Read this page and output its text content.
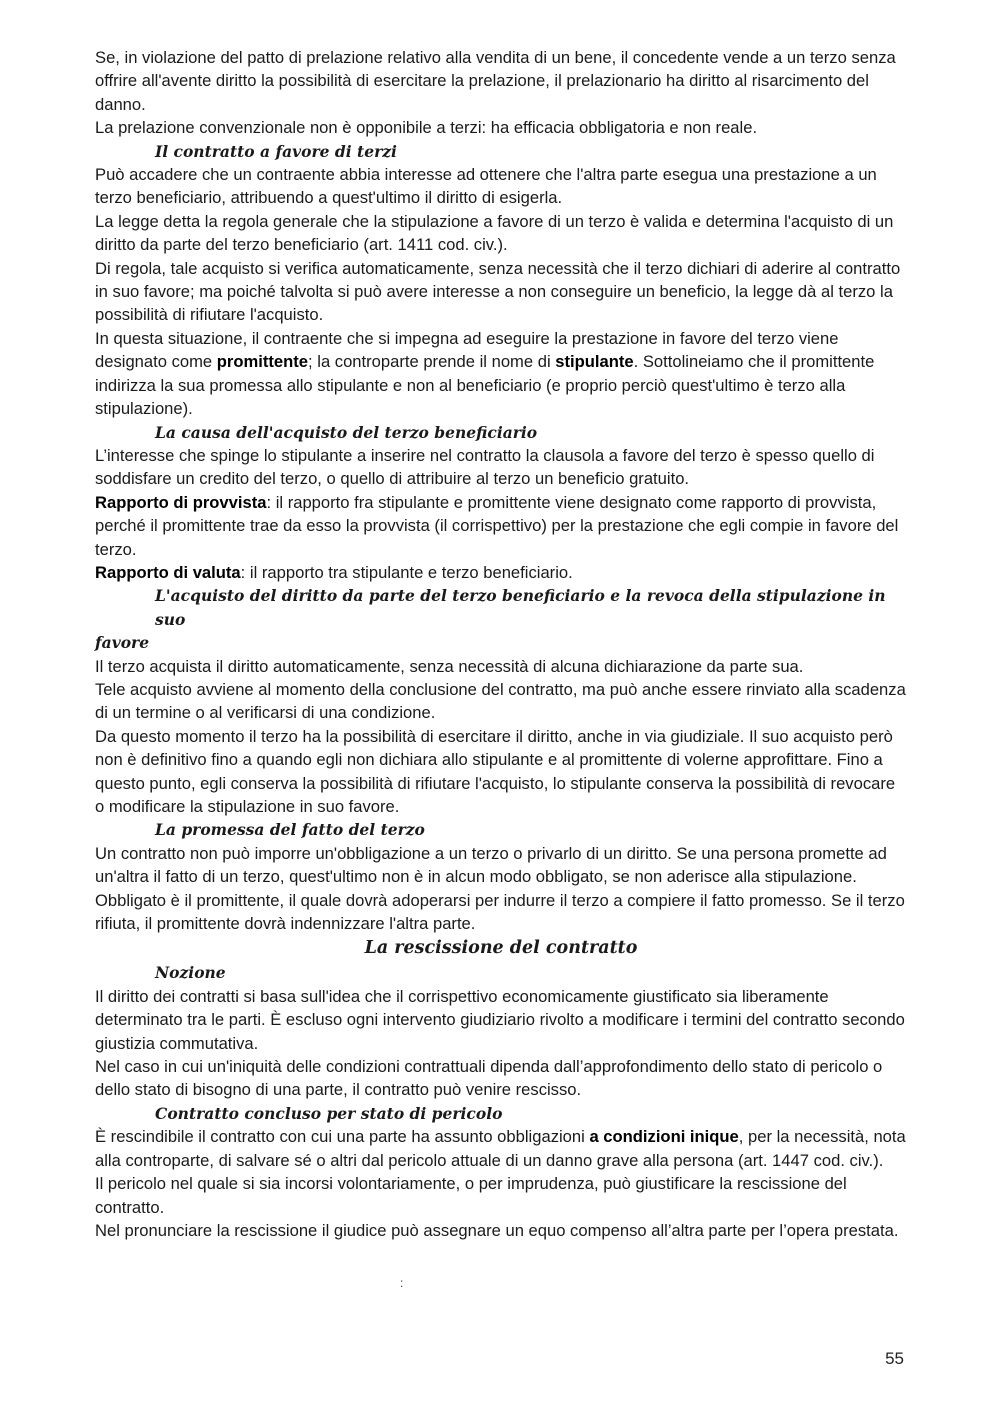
Se, in violazione del patto di prelazione relativo alla vendita di un bene, il concedente vende a un terzo senza offrire all'avente diritto la possibilità di esercitare la prelazione, il prelazionario ha diritto al risarcimento del danno.

La prelazione convenzionale non è opponibile a terzi: ha efficacia obbligatoria e non reale.

Il contratto a favore di terzi

Può accadere che un contraente abbia interesse ad ottenere che l'altra parte esegua una prestazione a un terzo beneficiario, attribuendo a quest'ultimo il diritto di esigerla.

La legge detta la regola generale che la stipulazione a favore di un terzo è valida e determina l'acquisto di un diritto da parte del terzo beneficiario (art. 1411 cod. civ.).

Di regola, tale acquisto si verifica automaticamente, senza necessità che il terzo dichiari di aderire al contratto in suo favore; ma poiché talvolta si può avere interesse a non conseguire un beneficio, la legge dà al terzo la possibilità di rifiutare l'acquisto.

In questa situazione, il contraente che si impegna ad eseguire la prestazione in favore del terzo viene designato come promittente; la controparte prende il nome di stipulante. Sottolineiamo che il promittente indirizza la sua promessa allo stipulante e non al beneficiario (e proprio perciò quest'ultimo è terzo alla stipulazione).

La causa dell'acquisto del terzo beneficiario

L’interesse che spinge lo stipulante a inserire nel contratto la clausola a favore del terzo è spesso quello di soddisfare un credito del terzo, o quello di attribuire al terzo un beneficio gratuito.

Rapporto di provvista: il rapporto fra stipulante e promittente viene designato come rapporto di provvista, perché il promittente trae da esso la provvista (il corrispettivo) per la prestazione che egli compie in favore del terzo.

Rapporto di valuta: il rapporto tra stipulante e terzo beneficiario.

L'acquisto del diritto da parte del terzo beneficiario e la revoca della stipulazione in suo

favore

Il terzo acquista il diritto automaticamente, senza necessità di alcuna dichiarazione da parte sua.

Tele acquisto avviene al momento della conclusione del contratto, ma può anche essere rinviato alla scadenza di un termine o al verificarsi di una condizione.

Da questo momento il terzo ha la possibilità di esercitare il diritto, anche in via giudiziale. Il suo acquisto però non è definitivo fino a quando egli non dichiara allo stipulante e al promittente di volerne approfittare. Fino a questo punto, egli conserva la possibilità di rifiutare l'acquisto, lo stipulante conserva la possibilità di revocare o modificare la stipulazione in suo favore.

La promessa del fatto del terzo

Un contratto non può imporre un'obbligazione a un terzo o privarlo di un diritto. Se una persona promette ad un'altra il fatto di un terzo, quest'ultimo non è in alcun modo obbligato, se non aderisce alla stipulazione. Obbligato è il promittente, il quale dovrà adoperarsi per indurre il terzo a compiere il fatto promesso. Se il terzo rifiuta, il promittente dovrà indennizzare l'altra parte.

La rescissione del contratto

Nozione

Il diritto dei contratti si basa sull'idea che il corrispettivo economicamente giustificato sia liberamente determinato tra le parti. È escluso ogni intervento giudiziario rivolto a modificare i termini del contratto secondo giustizia commutativa.

Nel caso in cui un'iniquità delle condizioni contrattuali dipenda dall’approfondimento dello stato di pericolo o dello stato di bisogno di una parte, il contratto può venire rescisso.

Contratto concluso per stato di pericolo

È rescindibile il contratto con cui una parte ha assunto obbligazioni a condizioni inique, per la necessità, nota alla controparte, di salvare sé o altri dal pericolo attuale di un danno grave alla persona (art. 1447 cod. civ.).

Il pericolo nel quale si sia incorsi volontariamente, o per imprudenza, può giustificare la rescissione del contratto.

Nel pronunciare la rescissione il giudice può assegnare un equo compenso all’altra parte per l’opera prestata.

:
55
